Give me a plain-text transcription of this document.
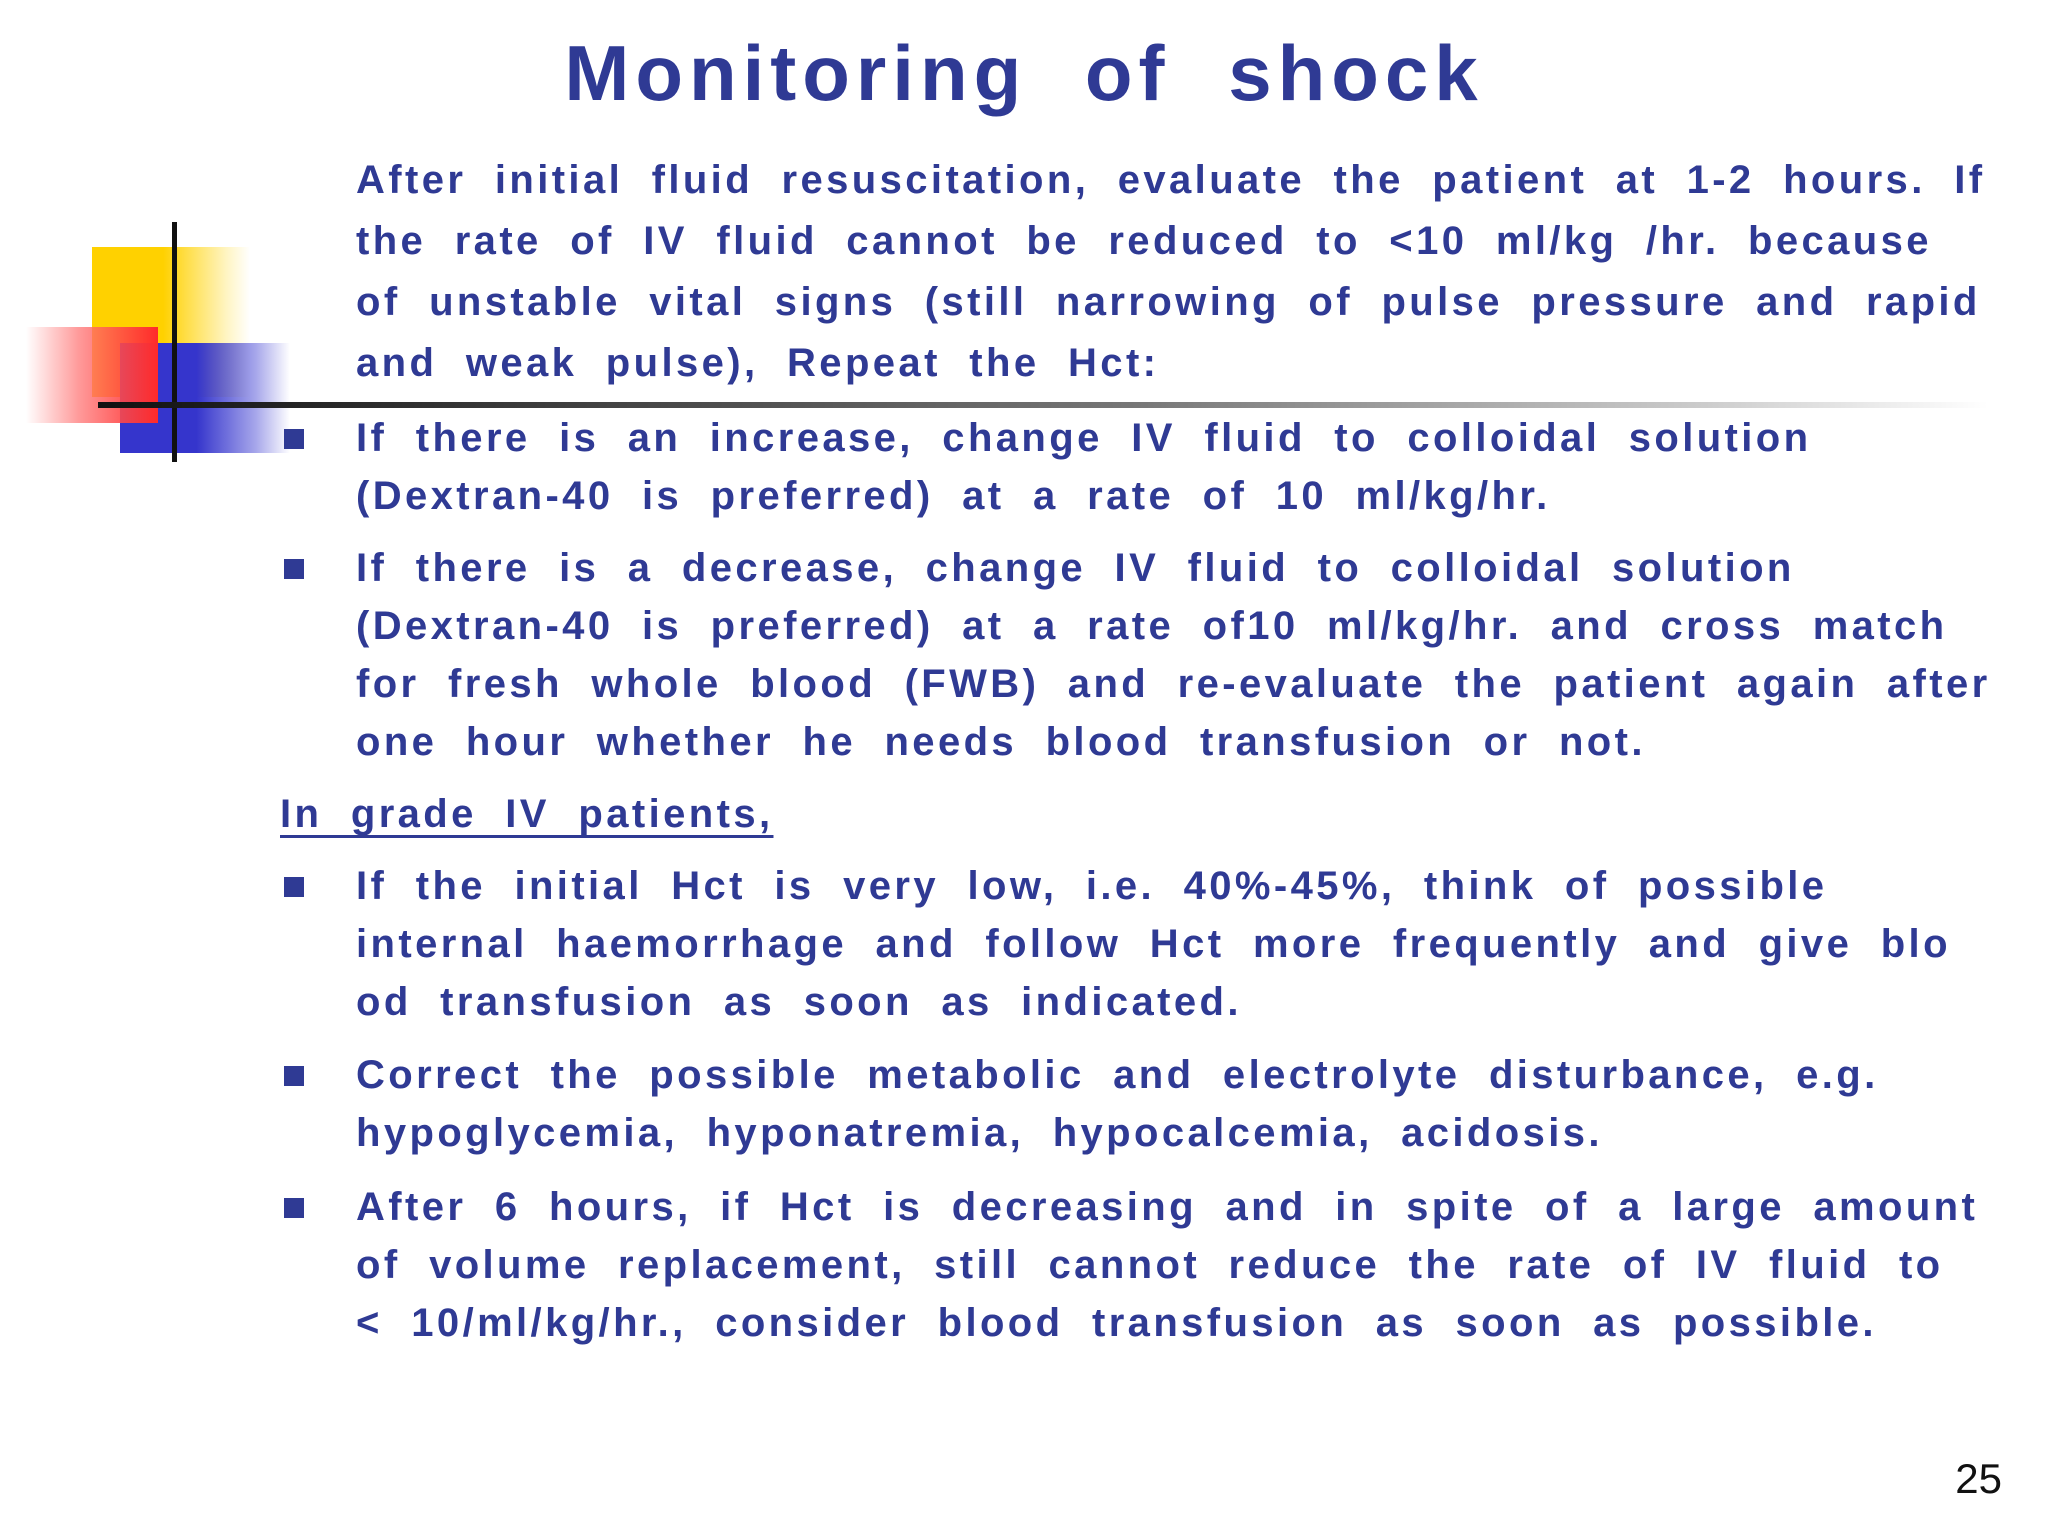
Monitoring of shock

After initial fluid resuscitation, evaluate the patient at 1-2 hours. If the rate of IV fluid cannot be reduced to <10 ml/kg /hr. because of unstable vital signs (still narrowing of pulse pressure and rapid and weak pulse), Repeat the Hct:

If there is an increase, change IV fluid to colloidal solution (Dextran-40 is preferred) at a rate of 10 ml/kg/hr.

If there is a decrease, change IV fluid to colloidal solution (Dextran-40 is preferred) at a rate of10 ml/kg/hr. and cross match for fresh whole blood (FWB) and re-evaluate the patient again after one hour whether he needs blood transfusion or not.

In grade IV patients,

If the initial Hct is very low, i.e. 40%-45%, think of possible internal haemorrhage and follow Hct more frequently and give blo od transfusion as soon as indicated.

Correct the possible metabolic and electrolyte disturbance, e.g. hypoglycemia, hyponatremia, hypocalcemia, acidosis.

After 6 hours, if Hct is decreasing and in spite of a large amount of volume replacement, still cannot reduce the rate of IV fluid to < 10/ml/kg/hr., consider blood transfusion as soon as possible.

25
